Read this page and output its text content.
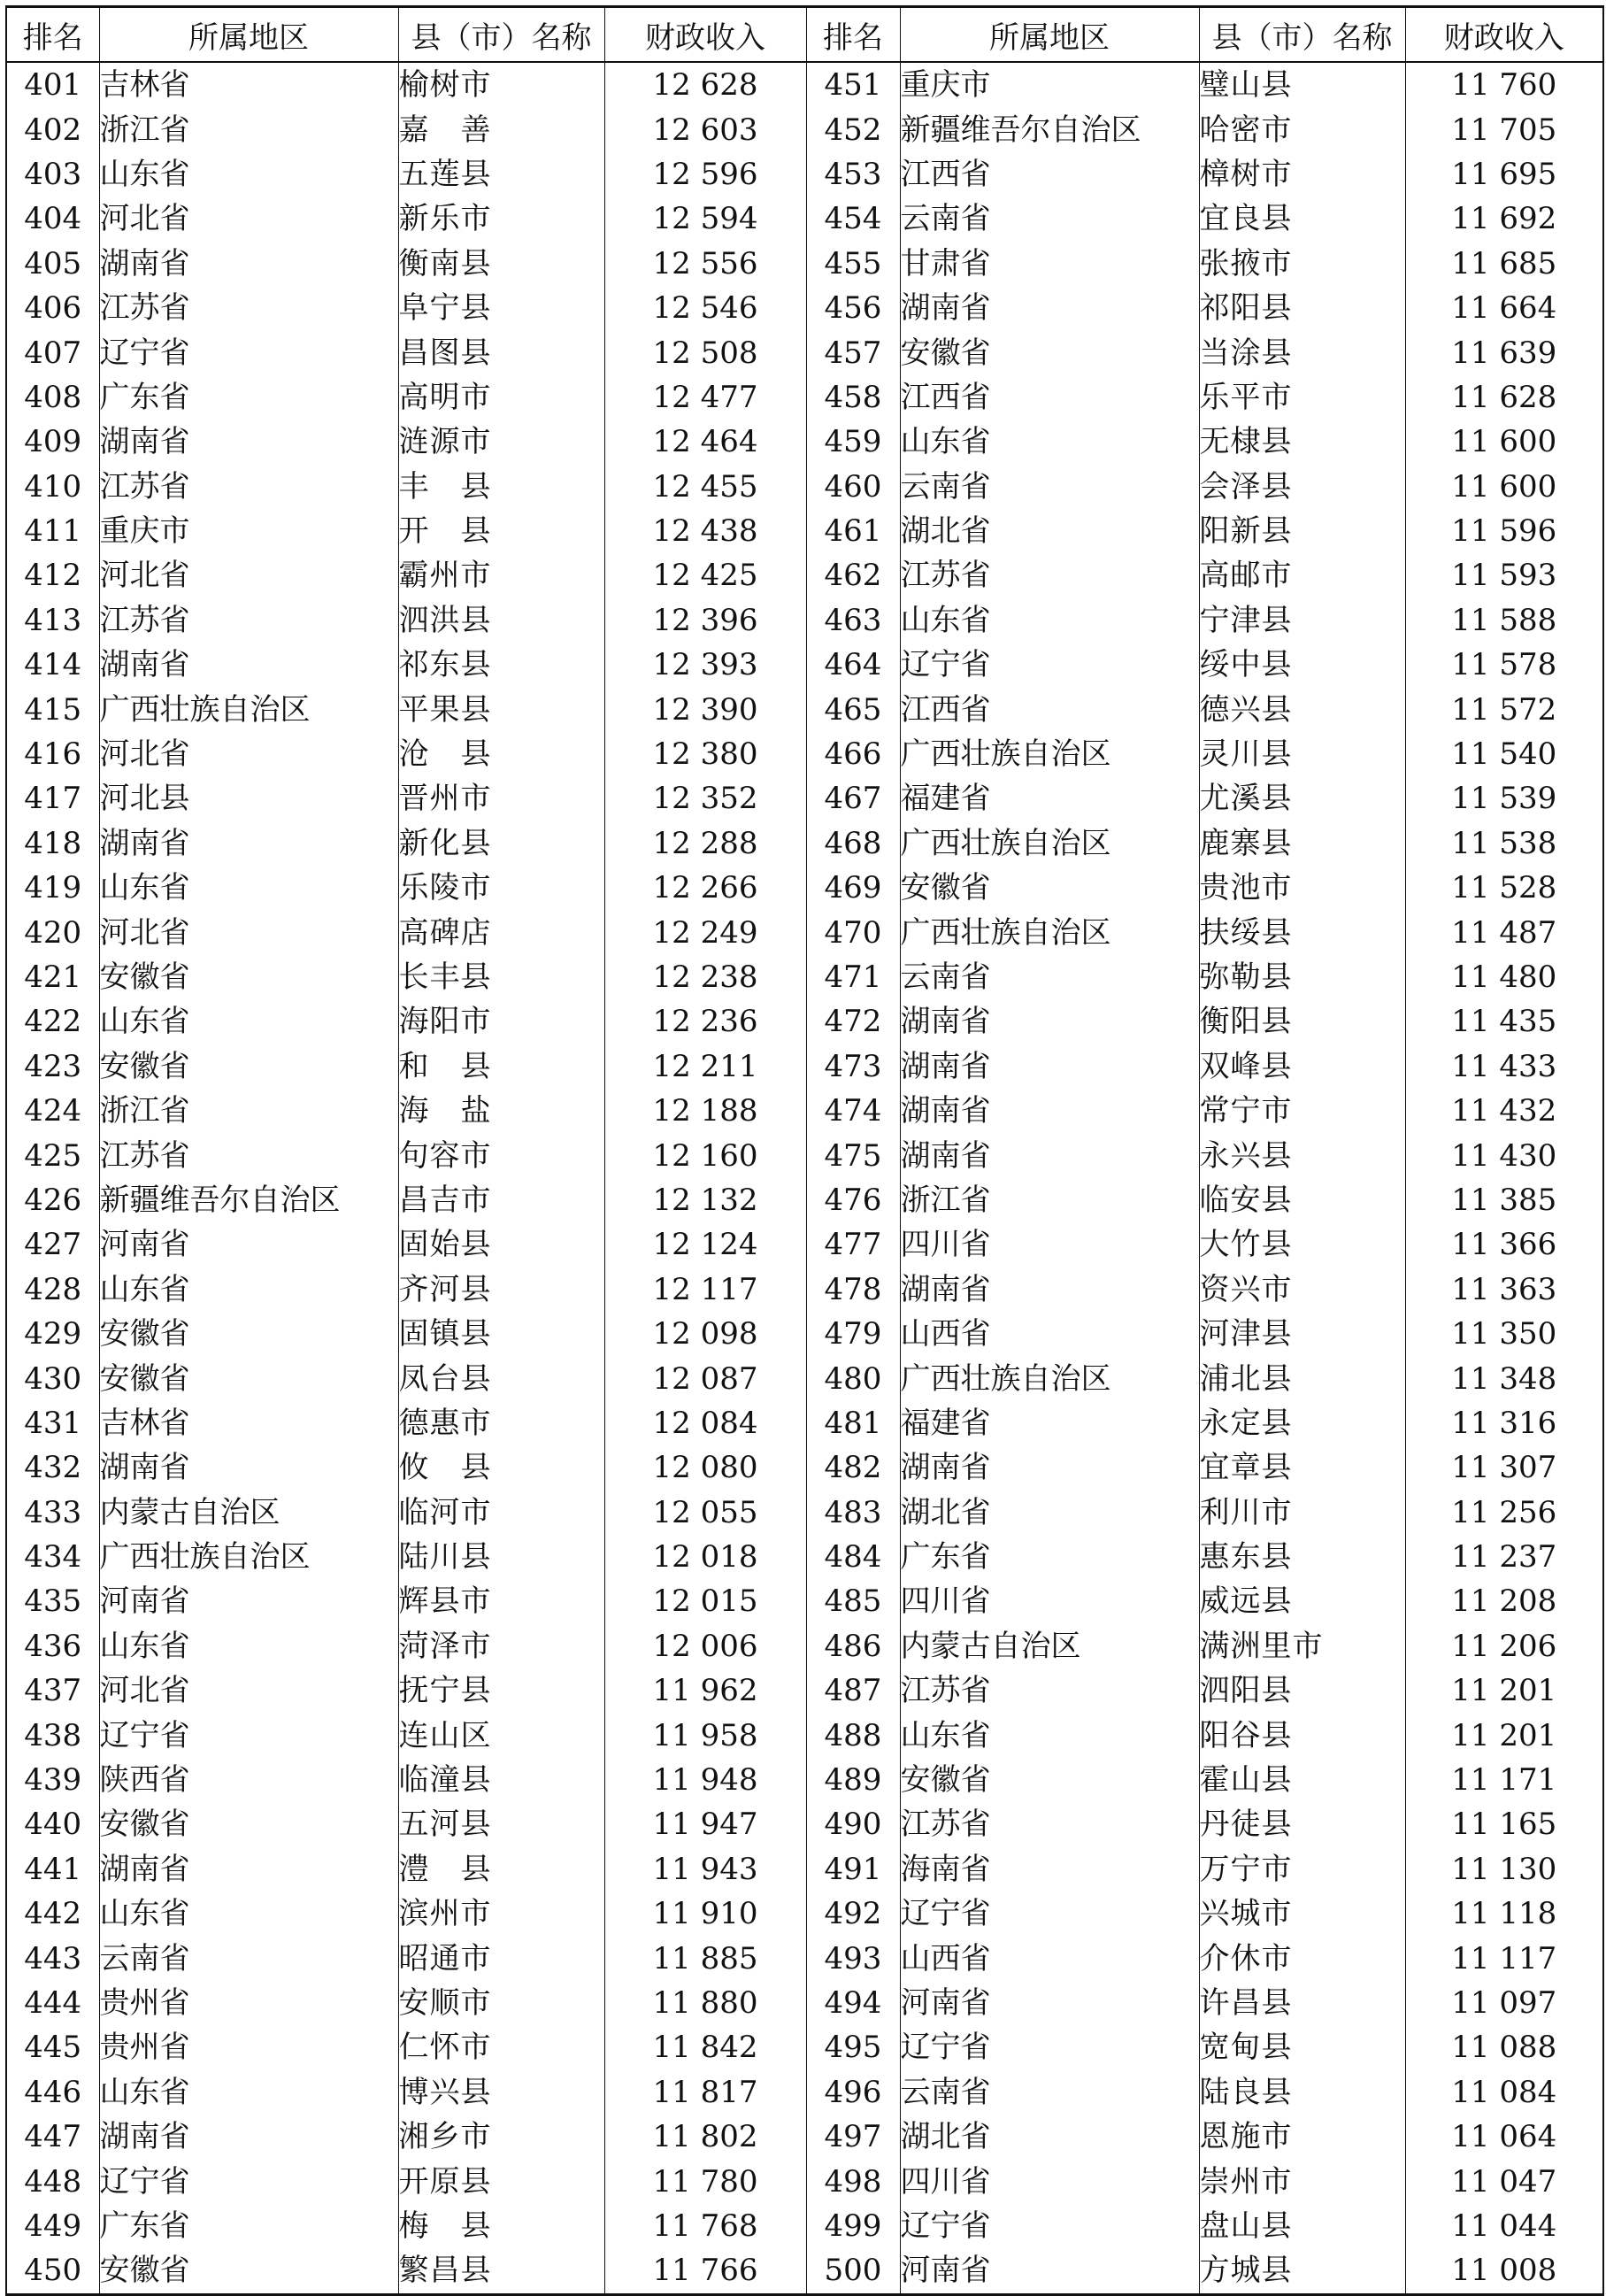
排名	所属地区	县（市）名称	财政收入	排名	所属地区	县（市）名称	财政收入
401	吉林省	榆树市	12 628	451	重庆市	璧山县	11 760
402	浙江省	嘉　善	12 603	452	新疆维吾尔自治区	哈密市	11 705
403	山东省	五莲县	12 596	453	江西省	樟树市	11 695
404	河北省	新乐市	12 594	454	云南省	宜良县	11 692
405	湖南省	衡南县	12 556	455	甘肃省	张掖市	11 685
406	江苏省	阜宁县	12 546	456	湖南省	祁阳县	11 664
407	辽宁省	昌图县	12 508	457	安徽省	当涂县	11 639
408	广东省	高明市	12 477	458	江西省	乐平市	11 628
409	湖南省	涟源市	12 464	459	山东省	无棣县	11 600
410	江苏省	丰　县	12 455	460	云南省	会泽县	11 600
411	重庆市	开　县	12 438	461	湖北省	阳新县	11 596
412	河北省	霸州市	12 425	462	江苏省	高邮市	11 593
413	江苏省	泗洪县	12 396	463	山东省	宁津县	11 588
414	湖南省	祁东县	12 393	464	辽宁省	绥中县	11 578
415	广西壮族自治区	平果县	12 390	465	江西省	德兴县	11 572
416	河北省	沧　县	12 380	466	广西壮族自治区	灵川县	11 540
417	河北县	晋州市	12 352	467	福建省	尤溪县	11 539
418	湖南省	新化县	12 288	468	广西壮族自治区	鹿寨县	11 538
419	山东省	乐陵市	12 266	469	安徽省	贵池市	11 528
420	河北省	高碑店	12 249	470	广西壮族自治区	扶绥县	11 487
421	安徽省	长丰县	12 238	471	云南省	弥勒县	11 480
422	山东省	海阳市	12 236	472	湖南省	衡阳县	11 435
423	安徽省	和　县	12 211	473	湖南省	双峰县	11 433
424	浙江省	海　盐	12 188	474	湖南省	常宁市	11 432
425	江苏省	句容市	12 160	475	湖南省	永兴县	11 430
426	新疆维吾尔自治区	昌吉市	12 132	476	浙江省	临安县	11 385
427	河南省	固始县	12 124	477	四川省	大竹县	11 366
428	山东省	齐河县	12 117	478	湖南省	资兴市	11 363
429	安徽省	固镇县	12 098	479	山西省	河津县	11 350
430	安徽省	凤台县	12 087	480	广西壮族自治区	浦北县	11 348
431	吉林省	德惠市	12 084	481	福建省	永定县	11 316
432	湖南省	攸　县	12 080	482	湖南省	宜章县	11 307
433	内蒙古自治区	临河市	12 055	483	湖北省	利川市	11 256
434	广西壮族自治区	陆川县	12 018	484	广东省	惠东县	11 237
435	河南省	辉县市	12 015	485	四川省	威远县	11 208
436	山东省	菏泽市	12 006	486	内蒙古自治区	满洲里市	11 206
437	河北省	抚宁县	11 962	487	江苏省	泗阳县	11 201
438	辽宁省	连山区	11 958	488	山东省	阳谷县	11 201
439	陕西省	临潼县	11 948	489	安徽省	霍山县	11 171
440	安徽省	五河县	11 947	490	江苏省	丹徒县	11 165
441	湖南省	澧　县	11 943	491	海南省	万宁市	11 130
442	山东省	滨州市	11 910	492	辽宁省	兴城市	11 118
443	云南省	昭通市	11 885	493	山西省	介休市	11 117
444	贵州省	安顺市	11 880	494	河南省	许昌县	11 097
445	贵州省	仁怀市	11 842	495	辽宁省	宽甸县	11 088
446	山东省	博兴县	11 817	496	云南省	陆良县	11 084
447	湖南省	湘乡市	11 802	497	湖北省	恩施市	11 064
448	辽宁省	开原县	11 780	498	四川省	崇州市	11 047
449	广东省	梅　县	11 768	499	辽宁省	盘山县	11 044
450	安徽省	繁昌县	11 766	500	河南省	方城县	11 008
